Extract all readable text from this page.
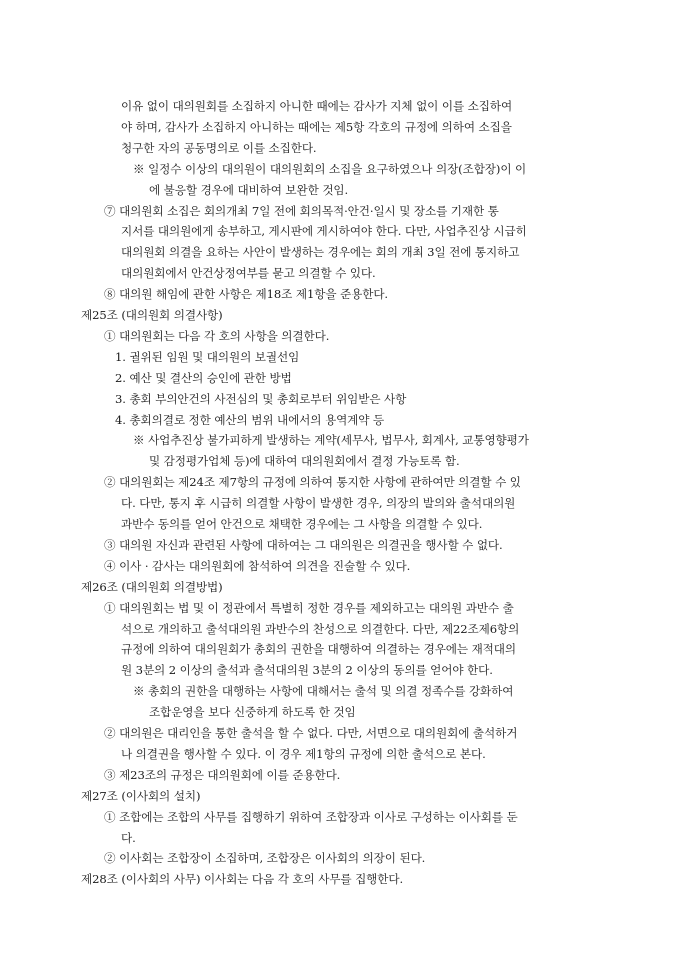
이유 없이 대의원회를 소집하지 아니한 때에는 감사가 지체 없이 이를 소집하여
야 하며, 감사가 소집하지 아니하는 때에는 제5항 각호의 규정에 의하여 소집을
청구한 자의 공동명의로 이를 소집한다.
※ 일정수 이상의 대의원이 대의원회의 소집을 요구하였으나 의장(조합장)이 이
에 불응할 경우에 대비하여 보완한 것임.
⑦ 대의원회 소집은 회의개최 7일 전에 회의목적·안건·일시 및 장소를 기재한 통
지서를 대의원에게 송부하고, 게시판에 게시하여야 한다. 다만, 사업추진상 시급히
대의원회 의결을 요하는 사안이 발생하는 경우에는 회의 개최 3일 전에 통지하고
대의원회에서 안건상정여부를 묻고 의결할 수 있다.
⑧ 대의원 해임에 관한 사항은 제18조 제1항을 준용한다.
제25조 (대의원회 의결사항)
① 대의원회는 다음 각 호의 사항을 의결한다.
1. 궐위된 임원 및 대의원의 보궐선임
2. 예산 및 결산의 승인에 관한 방법
3. 총회 부의안건의 사전심의 및 총회로부터 위임받은 사항
4. 총회의결로 정한 예산의 범위 내에서의 용역계약 등
※ 사업추진상 불가피하게 발생하는 계약(세무사, 법무사, 회계사, 교통영향평가
및 감정평가업체 등)에 대하여 대의원회에서 결정 가능토록 함.
② 대의원회는 제24조 제7항의 규정에 의하여 통지한 사항에 관하여만 의결할 수 있
다. 다만, 통지 후 시급히 의결할 사항이 발생한 경우, 의장의 발의와 출석대의원
과반수 동의를 얻어 안건으로 채택한 경우에는 그 사항을 의결할 수 있다.
③ 대의원 자신과 관련된 사항에 대하여는 그 대의원은 의결권을 행사할 수 없다.
④ 이사 · 감사는 대의원회에 참석하여 의견을 진술할 수 있다.
제26조 (대의원회 의결방법)
① 대의원회는 법 및 이 정관에서 특별히 정한 경우를 제외하고는 대의원 과반수 출
석으로 개의하고 출석대의원 과반수의 찬성으로 의결한다. 다만, 제22조제6항의
규정에 의하여 대의원회가 총회의 권한을 대행하여 의결하는 경우에는 재적대의
원 3분의 2 이상의 출석과 출석대의원 3분의 2 이상의 동의를 얻어야 한다.
※ 총회의 권한을 대행하는 사항에 대해서는 출석 및 의결 정족수를 강화하여
조합운영을 보다 신중하게 하도록 한 것임
② 대의원은 대리인을 통한 출석을 할 수 없다. 다만, 서면으로 대의원회에 출석하거
나 의결권을 행사할 수 있다. 이 경우 제1항의 규정에 의한 출석으로 본다.
③ 제23조의 규정은 대의원회에 이를 준용한다.
제27조 (이사회의 설치)
① 조합에는 조합의 사무를 집행하기 위하여 조합장과 이사로 구성하는 이사회를 둔
다.
② 이사회는 조합장이 소집하며, 조합장은 이사회의 의장이 된다.
제28조 (이사회의 사무) 이사회는 다음 각 호의 사무를 집행한다.
